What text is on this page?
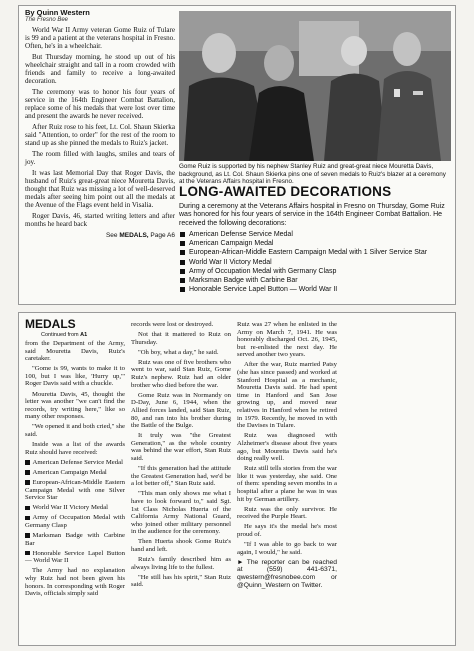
By Quinn Western
The Fresno Bee

World War II Army veteran Gome Ruiz of Tulare is 99 and a patient at the veterans hospital in Fresno. Often, he's in a wheelchair.

But Thursday morning, he stood up out of his wheelchair straight and tall in a room crowded with friends and family to receive a long-awaited decoration.

The ceremony was to honor his four years of service in the 164th Engineer Combat Battalion, replace some of his medals that were lost over time and present the awards he never received.

After Ruiz rose to his feet, Lt. Col. Shaun Skierka said "Attention, to order" for the rest of the room to stand up as she pinned the medals to Ruiz's jacket.

The room filled with laughs, smiles and tears of joy.

It was last Memorial Day that Roger Davis, the husband of Ruiz's great-great niece Mouretta Davis, thought that Ruiz was missing a lot of well-deserved medals after seeing him point out all the medals at the Avenue of the Flags event held in Visalia.

Roger Davis, 46, started writing letters and after months he heard back

See MEDALS, Page A6

Gome Ruiz is supported by his nephew Stanley Ruiz and great-great niece Mouretta Davis, background, as Lt. Col. Shaun Skierka pins one of seven medals to Ruiz's blazer at a ceremony at the Veterans Affairs hospital in Fresno.
LONG-AWAITED DECORATIONS
During a ceremony at the Veterans Affairs hospital in Fresno on Thursday, Gome Ruiz was honored for his four years of service in the 164th Engineer Combat Battalion. He received the following decorations:
American Defense Service Medal
American Campaign Medal
European-African-Middle Eastern Campaign Medal with 1 Silver Service Star
World War II Victory Medal
Army of Occupation Medal with Germany Clasp
Marksman Badge with Carbine Bar
Honorable Service Lapel Button — World War II
MEDALS
Continued from A1

from the Department of the Army, said Mouretta Davis, Ruiz's caretaker.

"Gome is 99, wants to make it to 100, but I was like, 'Hurry up,'" Roger Davis said with a chuckle.

Mouretta Davis, 45, thought the letter was another "we can't find the records, try writing here," like so many other responses.

"We opened it and both cried," she said.

Inside was a list of the awards Ruiz should have received:

American Defense Service Medal

American Campaign Medal

European-African-Middle Eastern Campaign Medal with one Silver Service Star

World War II Victory Medal

Army of Occupation Medal with Germany Clasp

Marksman Badge with Carbine Bar

Honorable Service Lapel Button — World War II

The Army had no explanation why Ruiz had not been given his honors. In corresponding with Roger Davis, officials simply said

records were lost or destroyed.

Not that it mattered to Ruiz on Thursday.

"Oh boy, what a day," he said.

Ruiz was one of five brothers who went to war, said Stan Ruiz, Gome Ruiz's nephew. Ruiz had an older brother who died before the war.

Gome Ruiz was in Normandy on D-Day, June 6, 1944, when the Allied forces landed, said Stan Ruiz, 80, and ran into his brother during the Battle of the Bulge.

It truly was "the Greatest Generation," as the whole country was behind the war effort, Stan Ruiz said.

"If this generation had the attitude the Greatest Generation had, we'd be a lot better off," Stan Ruiz said.

"This man only shows me what I have to look forward to," said Sgt. 1st Class Nicholas Huerta of the California Army National Guard, who joined other military personnel in the audience for the ceremony.

Then Huerta shook Gome Ruiz's hand and left.

Ruiz's family described him as always living life to the fullest.

"He still has his spirit," Stan Ruiz said.

Ruiz was 27 when he enlisted in the Army on March 7, 1941. He was honorably discharged Oct. 26, 1945, but re-enlisted the next day. He served another two years.

After the war, Ruiz married Patsy (she has since passed) and worked at Stanford Hospital as a mechanic, Mouretta Davis said. He had spent time in Hanford and San Jose growing up, and moved near relatives in Hanford when he retired in 1979. Recently, he moved in with the Davises in Tulare.

Ruiz was diagnosed with Alzheimer's disease about five years ago, but Mouretta Davis said he's doing really well.

Ruiz still tells stories from the war like it was yesterday, she said. One of them: spending seven months in a hospital after a plane he was in was hit by German artillery.

Ruiz was the only survivor. He received the Purple Heart.

He says it's the medal he's most proud of.

"If I was able to go back to war again, I would," he said.

► The reporter can be reached at (559) 441-6371, qwestern@fresnobee.com or @Quinn_Western on Twitter.
